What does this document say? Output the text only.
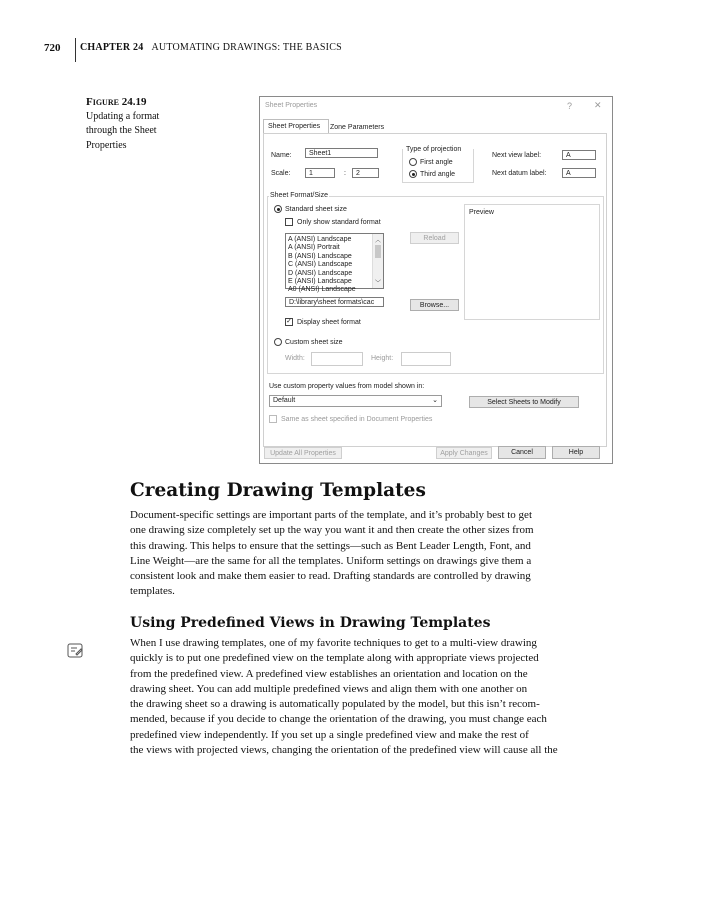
720 CHAPTER 24 AUTOMATING DRAWINGS: THE BASICS
Figure 24.19
Updating a format
through the Sheet
Properties
Sheet Properties	? ✕
Sheet Properties Zone Parameters
Name:	Sheet1
Scale:	1	:	2
Type of projection
First angle
Third angle
Next view label:	A
Next datum label:	A
Sheet Format/Size
Standard sheet size
Only show standard format
A (ANSI) Landscape
A (ANSI) Portrait
B (ANSI) Landscape
C (ANSI) Landscape
D (ANSI) Landscape
E (ANSI) Landscape
A0 (ANSI) Landscape
︿
﹀
Reload
Preview
D:\library\sheet formats\cac	Browse...
✓ Display sheet format
Custom sheet size
Width:	Height:
Use custom property values from model shown in:
Default	⌄	Select Sheets to Modify
Same as sheet specified in Document Properties
Update All Properties	Apply Changes	Cancel	Help
Creating Drawing Templates
Document-specific settings are important parts of the template, and it’s probably best to get
one drawing size completely set up the way you want it and then create the other sizes from
this drawing. This helps to ensure that the settings—such as Bent Leader Length, Font, and
Line Weight—are the same for all the templates. Uniform settings on drawings give them a
consistent look and make them easier to read. Drafting standards are controlled by drawing
templates.
Using Predefined Views in Drawing Templates
When I use drawing templates, one of my favorite techniques to get to a multi-view drawing
quickly is to put one predefined view on the template along with appropriate views projected
from the predefined view. A predefined view establishes an orientation and location on the
drawing sheet. You can add multiple predefined views and align them with one another on
the drawing sheet so a drawing is automatically populated by the model, but this isn’t recom-
mended, because if you decide to change the orientation of the drawing, you must change each
predefined view independently. If you set up a single predefined view and make the rest of
the views with projected views, changing the orientation of the predefined view will cause all the
